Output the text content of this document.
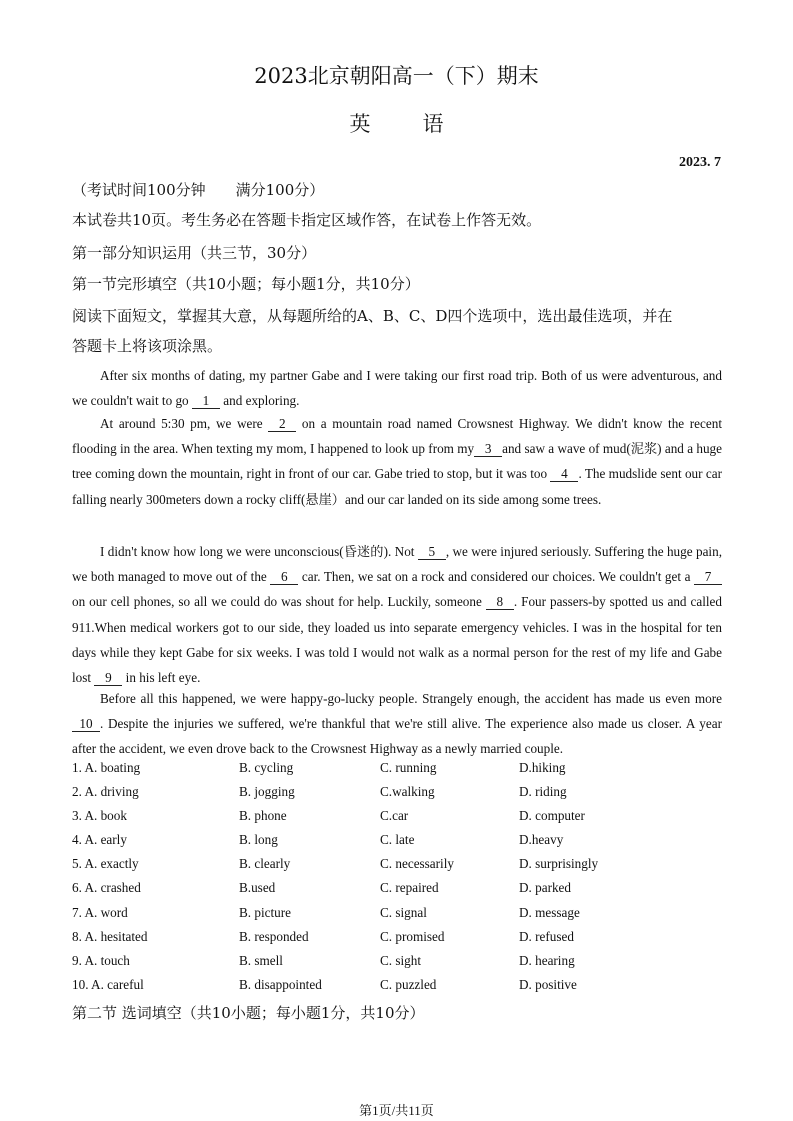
2023北京朝阳高一（下）期末
英 语
2023. 7
（考试时间100分钟　　满分100分）
本试卷共10页。考生务必在答题卡指定区域作答，在试卷上作答无效。
第一部分知识运用（共三节，30分）
第一节完形填空（共10小题；每小题1分，共10分）
阅读下面短文，掌握其大意，从每题所给的A、B、C、D四个选项中，选出最佳选项，并在
答题卡上将该项涂黑。
After six months of dating, my partner Gabe and I were taking our first road trip. Both of us were adventurous, and we couldn't wait to go 1 and exploring.
At around 5:30 pm, we were 2 on a mountain road named Crowsnest Highway. We didn't know the recent flooding in the area. When texting my mom, I happened to look up from my 3 and saw a wave of mud(泥浆) and a huge tree coming down the mountain, right in front of our car. Gabe tried to stop, but it was too 4 . The mudslide sent our car falling nearly 300meters down a rocky cliff(悬崖）and our car landed on its side among some trees.
I didn't know how long we were unconscious(昏迷的). Not 5 , we were injured seriously. Suffering the huge pain, we both managed to move out of the 6 car. Then, we sat on a rock and considered our choices. We couldn't get a 7 on our cell phones, so all we could do was shout for help. Luckily, someone 8 . Four passers-by spotted us and called 911.When medical workers got to our side, they loaded us into separate emergency vehicles. I was in the hospital for ten days while they kept Gabe for six weeks. I was told I would not walk as a normal person for the rest of my life and Gabe lost 9 in his left eye.
Before all this happened, we were happy-go-lucky people. Strangely enough, the accident has made us even more 10 . Despite the injuries we suffered, we're thankful that we're still alive. The experience also made us closer. A year after the accident, we even drove back to the Crowsnest Highway as a newly married couple.
1. A. boating	B. cycling	C. running	D.hiking
2. A. driving	B. jogging	C.walking	D. riding
3. A. book	B. phone	C.car	D. computer
4. A. early	B. long	C. late	D.heavy
5. A. exactly	B. clearly	C. necessarily	D. surprisingly
6. A. crashed	B.used	C. repaired	D. parked
7. A. word	B. picture	C. signal	D. message
8. A. hesitated	B. responded	C. promised	D. refused
9. A. touch	B. smell	C. sight	D. hearing
10. A. careful	B. disappointed	C. puzzled	D. positive
第二节 选词填空（共10小题；每小题1分，共10分）
第1页/共11页
